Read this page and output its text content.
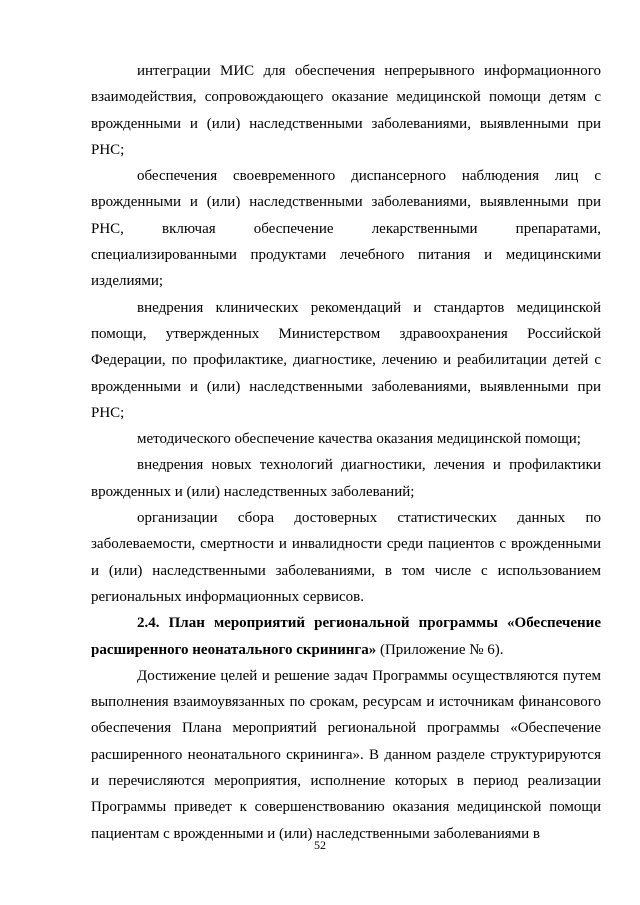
интеграции МИС для обеспечения непрерывного информационного взаимодействия, сопровождающего оказание медицинской помощи детям с врожденными и (или) наследственными заболеваниями, выявленными при РНС;

обеспечения своевременного диспансерного наблюдения лиц с врожденными и (или) наследственными заболеваниями, выявленными при РНС, включая обеспечение лекарственными препаратами, специализированными продуктами лечебного питания и медицинскими изделиями;

внедрения клинических рекомендаций и стандартов медицинской помощи, утвержденных Министерством здравоохранения Российской Федерации, по профилактике, диагностике, лечению и реабилитации детей с врожденными и (или) наследственными заболеваниями, выявленными при РНС;

методического обеспечение качества оказания медицинской помощи;

внедрения новых технологий диагностики, лечения и профилактики врожденных и (или) наследственных заболеваний;

организации сбора достоверных статистических данных по заболеваемости, смертности и инвалидности среди пациентов с врожденными и (или) наследственными заболеваниями, в том числе с использованием региональных информационных сервисов.

2.4. План мероприятий региональной программы «Обеспечение расширенного неонатального скрининга» (Приложение № 6).

Достижение целей и решение задач Программы осуществляются путем выполнения взаимоувязанных по срокам, ресурсам и источникам финансового обеспечения Плана мероприятий региональной программы «Обеспечение расширенного неонатального скрининга». В данном разделе структурируются и перечисляются мероприятия, исполнение которых в период реализации Программы приведет к совершенствованию оказания медицинской помощи пациентам с врожденными и (или) наследственными заболеваниями в

52
